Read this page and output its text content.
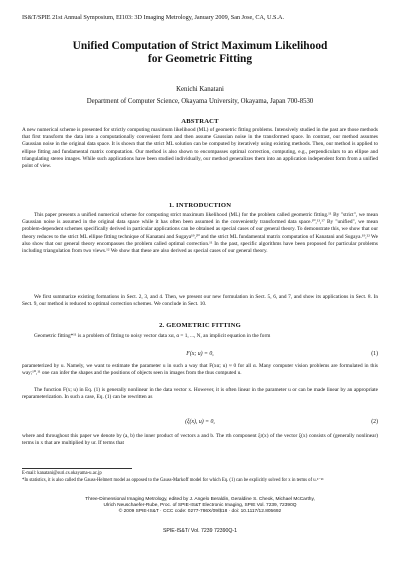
IS&T/SPIE 21st Annual Symposium, EI103: 3D Imaging Metrology, January 2009, San Jose, CA, U.S.A.
Unified Computation of Strict Maximum Likelihood
for Geometric Fitting
Kenichi Kanatani
Department of Computer Science, Okayama University, Okayama, Japan 700-8530
ABSTRACT

A new numerical scheme is presented for strictly computing maximum likelihood (ML) of geometric fitting problems. Intensively studied in the past are those methods that first transform the data into a computationally convenient form and then assume Gaussian noise in the transformed space. In contrast, our method assumes Gaussian noise in the original data space. It is shown that the strict ML solution can be computed by iteratively using existing methods. Then, our method is applied to ellipse fitting and fundamental matrix computation. Our method is also shown to encompasses optimal correction, computing, e.g., perpendiculars to an ellipse and triangulating stereo images. While such applications have been studied individually, our method generalizes them into an application independent form from a unified point of view.

1. INTRODUCTION

This paper presents a unified numerical scheme for computing strict maximum likelihood (ML) for the problem called geometric fitting.¹¹ By "strict", we mean Gaussian noise is assumed in the original data space while it has often been assumed in the conveniently transformed data space.¹⁰,¹³,¹⁷ By "unified", we mean problem-dependent schemes specifically derived in particular applications can be obtained as special cases of our general theory. To demonstrate this, we show that our theory reduces to the strict ML ellipse fitting technique of Kanatani and Sugaya¹⁹,²⁰ and the strict ML fundamental matrix computation of Kanatani and Sugaya.¹⁹,²² We also show that our general theory encompasses the problem called optimal correction.¹¹ In the past, specific algorithms have been proposed for particular problems including triangulation from two views.¹² We show that these are also derived as special cases of our general theory.

We first summarize existing formations in Sect. 2, 3, and 4. Then, we present our new formulation in Sect. 5, 6, and 7, and show its applications in Sect. 8. In Sect. 9, our method is reduced to optimal correction schemes. We conclude in Sect. 10.

2. GEOMETRIC FITTING

Geometric fitting*¹¹ is a problem of fitting to noisy vector data xα, α = 1, ..., N, an implicit equation in the form

F(x; u) = 0,	(1)

parameterized by u. Namely, we want to estimate the parameter u in such a way that F(xα; u) ≈ 0 for all α. Many computer vision problems are formulated in this way;¹⁰,¹¹ one can infer the shapes and the positions of objects seen in images from the thus computed u.

The function F(x; u) in Eq. (1) is generally nonlinear in the data vector x. However, it is often linear in the parameter u or can be made linear by an appropriate reparameterization. In such a case, Eq. (1) can be rewritten as

(ξ(x), u) = 0,	(2)

where and throughout this paper we denote by (a, b) the inner product of vectors a and b. The rth component ξr(x) of the vector ξ(x) consists of (generally nonlinear) terms in x that are multiplied by ur. If terms that

E-mail: kanatani@suri.cs.okayama-u.ac.jp
*In statistics, it is also called the Gauss-Helmert model as opposed to the Gauss-Markoff model for which Eq. (1) can be explicitly solved for x in terms of u.⁶⁻²¹
Three-Dimensional Imaging Metrology, edited by J. Angelo Beraldin, Geraldine S. Cheok, Michael McCarthy,
Ulrich Neuschaefer-Rube, Proc. of SPIE-IS&T Electronic Imaging, SPIE Vol. 7239, 72390Q
© 2009 SPIE-IS&T · CCC code: 0277-786X/09/$18 · doi: 10.1117/12.805692
SPIE-IS&T/ Vol. 7239 72390Q-1
